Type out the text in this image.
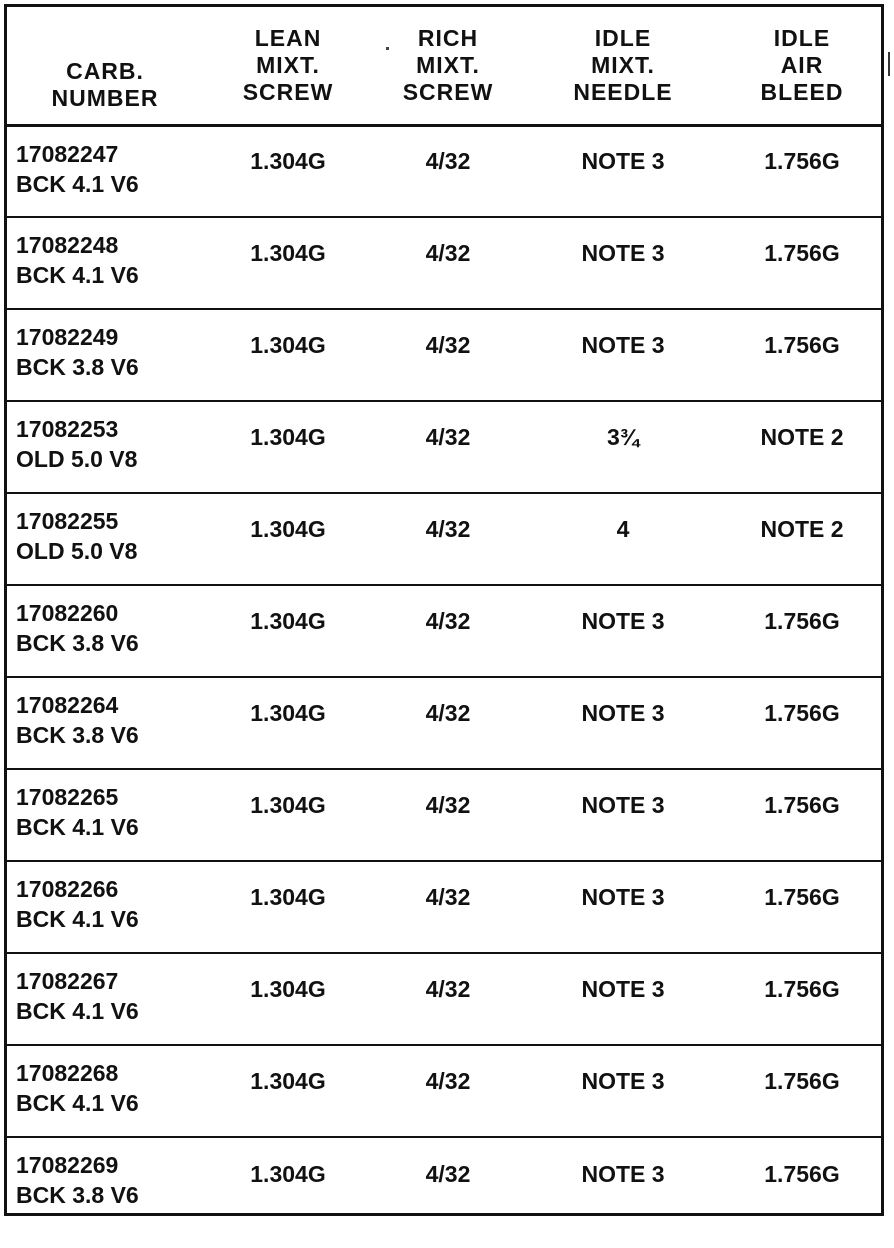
CARB.
NUMBER	LEAN
MIXT.
SCREW	RICH
MIXT.
SCREW	IDLE
MIXT.
NEEDLE	IDLE
AIR
BLEED

17082247
BCK 4.1 V6	1.304G	4/32	NOTE 3	1.756G

17082248
BCK 4.1 V6	1.304G	4/32	NOTE 3	1.756G

17082249
BCK 3.8 V6	1.304G	4/32	NOTE 3	1.756G

17082253
OLD 5.0 V8	1.304G	4/32	3¾	NOTE 2

17082255
OLD 5.0 V8	1.304G	4/32	4	NOTE 2

17082260
BCK 3.8 V6	1.304G	4/32	NOTE 3	1.756G

17082264
BCK 3.8 V6	1.304G	4/32	NOTE 3	1.756G

17082265
BCK 4.1 V6	1.304G	4/32	NOTE 3	1.756G

17082266
BCK 4.1 V6	1.304G	4/32	NOTE 3	1.756G

17082267
BCK 4.1 V6	1.304G	4/32	NOTE 3	1.756G

17082268
BCK 4.1 V6	1.304G	4/32	NOTE 3	1.756G

17082269
BCK 3.8 V6	1.304G	4/32	NOTE 3	1.756G
